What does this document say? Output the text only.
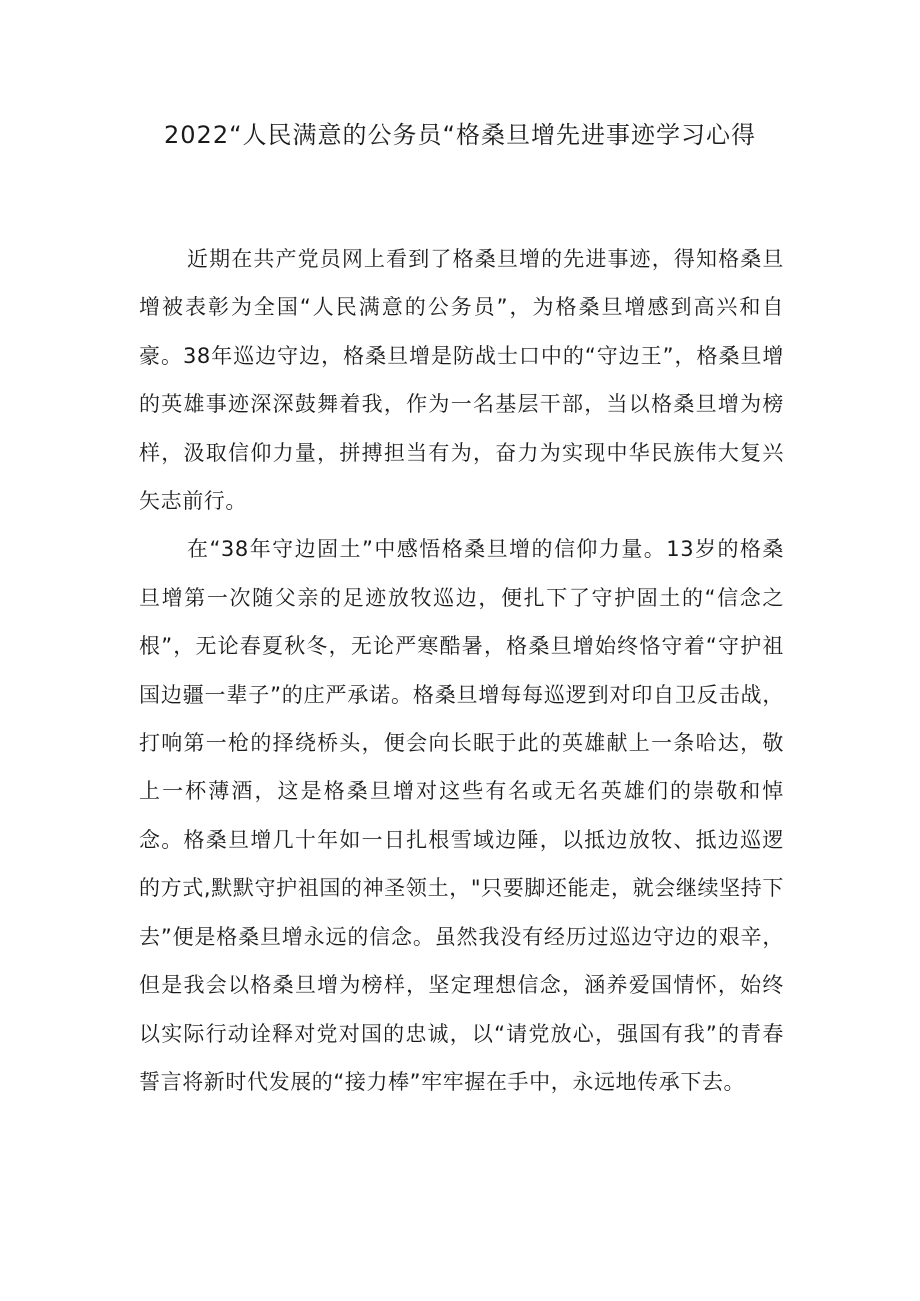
2022“人民满意的公务员“格桑旦增先进事迹学习心得

近期在共产党员网上看到了格桑旦增的先进事迹，得知格桑旦增被表彰为全国“人民满意的公务员”，为格桑旦增感到高兴和自豪。38年巡边守边，格桑旦增是防战士口中的“守边王”，格桑旦增的英雄事迹深深鼓舞着我，作为一名基层干部，当以格桑旦增为榜样，汲取信仰力量，拼搏担当有为，奋力为实现中华民族伟大复兴矢志前行。

在“38年守边固土”中感悟格桑旦增的信仰力量。13岁的格桑旦增第一次随父亲的足迹放牧巡边，便扎下了守护固土的“信念之根”，无论春夏秋冬，无论严寒酷暑，格桑旦增始终恪守着“守护祖国边疆一辈子”的庄严承诺。格桑旦增每每巡逻到对印自卫反击战，打响第一枪的择绕桥头，便会向长眠于此的英雄献上一条哈达，敬上一杯薄酒，这是格桑旦增对这些有名或无名英雄们的崇敬和悼念。格桑旦增几十年如一日扎根雪域边陲，以抵边放牧、抵边巡逻的方式,默默守护祖国的神圣领土，"只要脚还能走，就会继续坚持下去”便是格桑旦增永远的信念。虽然我没有经历过巡边守边的艰辛，但是我会以格桑旦增为榜样，坚定理想信念，涵养爱国情怀，始终以实际行动诠释对党对国的忠诚，以“请党放心，强国有我”的青春誓言将新时代发展的“接力棒”牢牢握在手中，永远地传承下去。
